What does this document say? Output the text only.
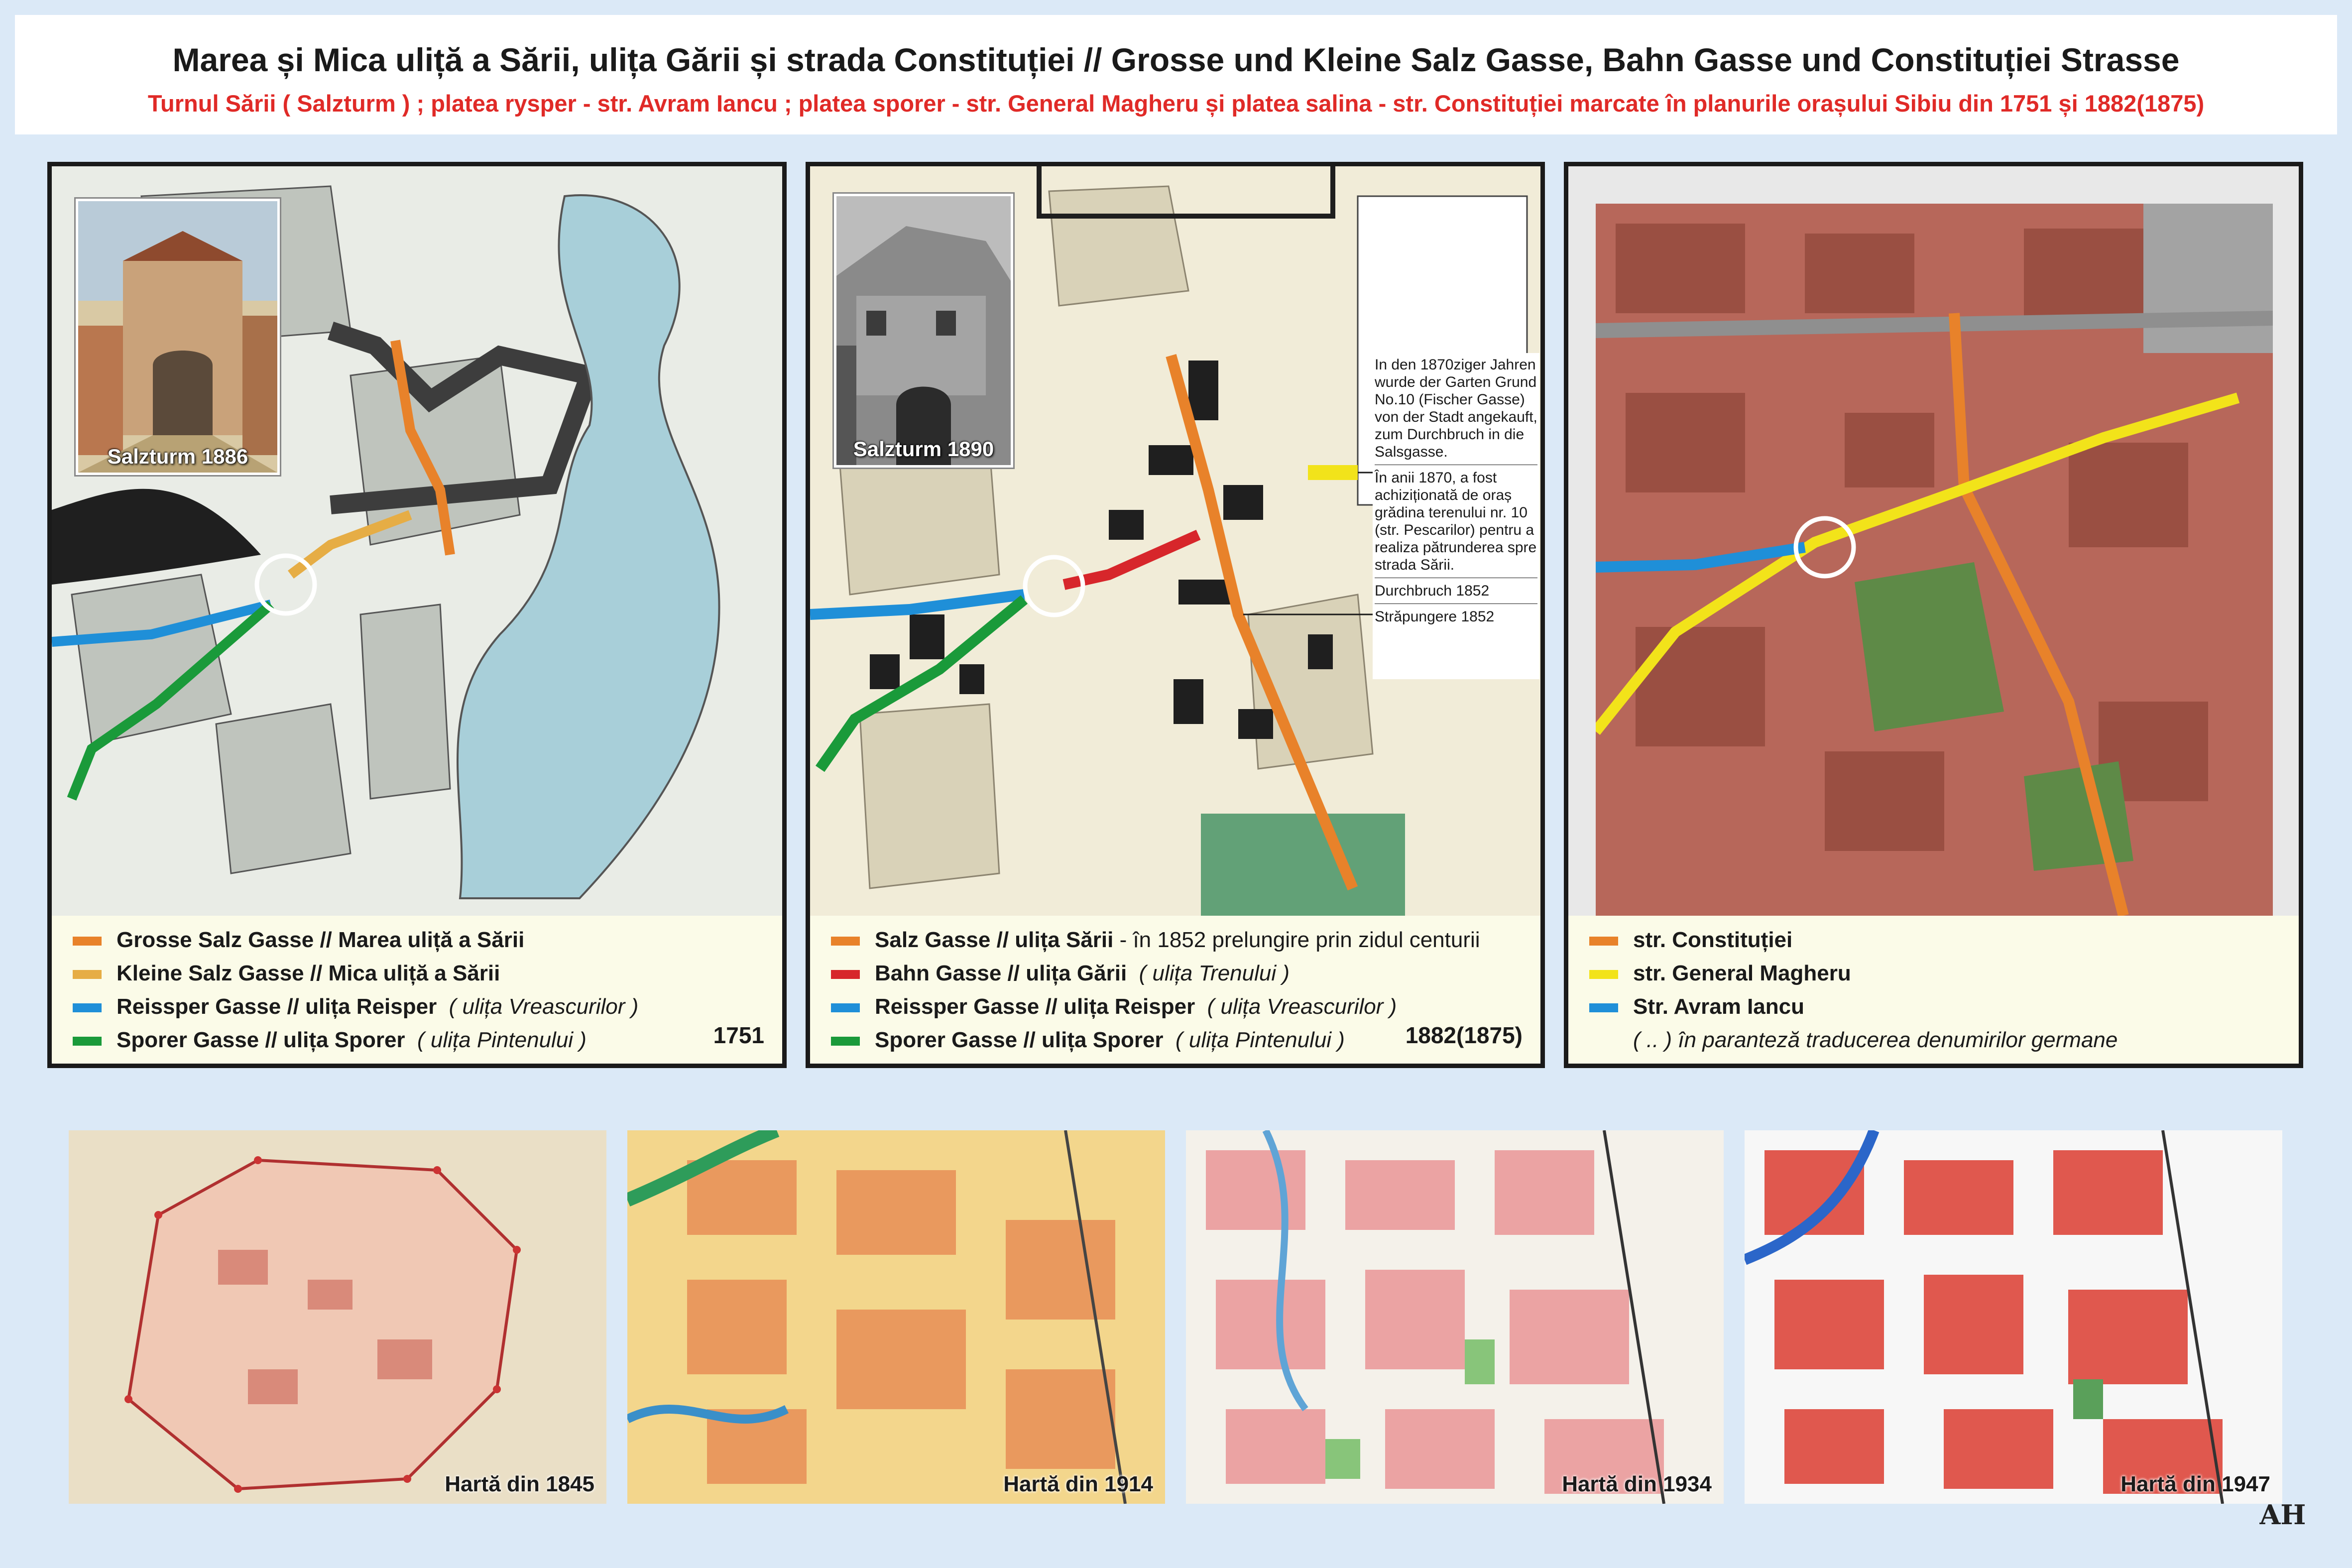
Marea și Mica uliță a Sării, ulița Gării și strada Constituției // Grosse und Kleine Salz Gasse, Bahn Gasse und Constituției Strasse
Turnul Sării ( Salzturm ) ; platea rysper - str. Avram Iancu ; platea sporer - str. General Magheru și platea salina - str. Constituției marcate în planurile orașului Sibiu din 1751 și 1882(1875)
Salzturm 1886
Grosse Salz Gasse // Marea uliță a Sării
Kleine Salz Gasse // Mica uliță a Sării
Reissper Gasse // ulița Reisper ( ulița Vreascurilor )
Sporer Gasse // ulița Sporer ( ulița Pintenului )	1751
Salzturm 1890
In den 1870ziger Jahren wurde der Garten Grund No.10 (Fischer Gasse) von der Stadt angekauft, zum Durchbruch in die Salsgasse.
În anii 1870, a fost achiziționată de oraș grădina terenului nr. 10 (str. Pescarilor) pentru a realiza pătrunderea spre strada Sării.
Durchbruch 1852
Străpungere 1852
Salz Gasse // ulița Sării - în 1852 prelungire prin zidul centurii
Bahn Gasse // ulița Gării ( ulița Trenului )
Reissper Gasse // ulița Reisper ( ulița Vreascurilor )
Sporer Gasse // ulița Sporer ( ulița Pintenului )	1882(1875)
str. Constituției
str. General Magheru
Str. Avram Iancu
( .. ) în paranteză traducerea denumirilor germane
Hartă din 1845	Hartă din 1914	Hartă din 1934	Hartă din 1947
AH
